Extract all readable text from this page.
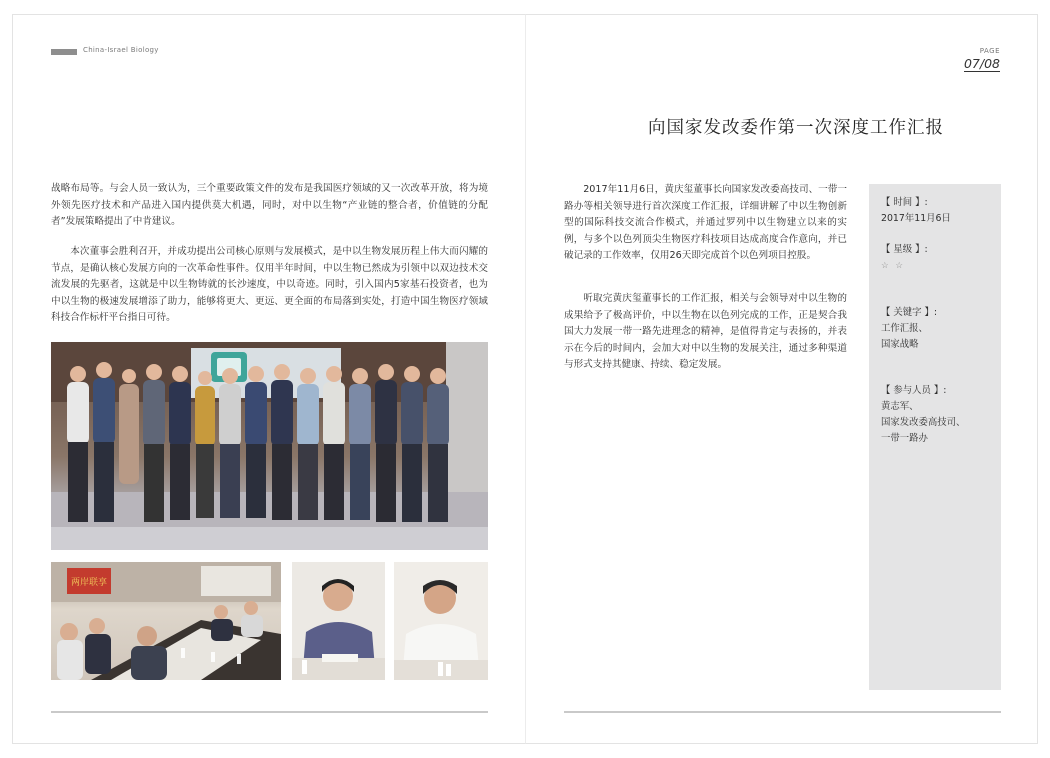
China-Israel Biology

战略布局等。与会人员一致认为，三个重要政策文件的发布是我国医疗领域的又一次改革开放，将为境外领先医疗技术和产品进入国内提供莫大机遇，同时，对中以生物“产业链的整合者，价值链的分配者”发展策略提出了中肯建议。

本次董事会胜利召开，并成功提出公司核心原则与发展模式，是中以生物发展历程上伟大而闪耀的节点，是确认核心发展方向的一次革命性事件。仅用半年时间，中以生物已然成为引领中以双边技术交流发展的先驱者，这就是中以生物铸就的长沙速度，中以奇迹。同时，引入国内5家基石投资者，也为中以生物的极速发展增添了助力，能够将更大、更远、更全面的布局落到实处，打造中国生物医疗领域科技合作标杆平台指日可待。

两岸联享
PAGE
07/08
向国家发改委作第一次深度工作汇报

2017年11月6日，黄庆玺董事长向国家发改委高技司、一带一路办等相关领导进行首次深度工作汇报，详细讲解了中以生物创新型的国际科技交流合作模式，并通过罗列中以生物建立以来的实例，与多个以色列顶尖生物医疗科技项目达成高度合作意向，并已破记录的工作效率，仅用26天即完成首个以色列项目控股。

听取完黄庆玺董事长的工作汇报，相关与会领导对中以生物的成果给予了极高评价，中以生物在以色列完成的工作，正是契合我国大力发展一带一路先进理念的精神，是值得肯定与表扬的，并表示在今后的时间内，会加大对中以生物的发展关注，通过多种渠道与形式支持其健康、持续、稳定发展。

【 时间 】:

2017年11月6日

【 星级 】:

☆ ☆

【 关键字 】:

工作汇报、

国家战略

【 参与人员 】:

黄志军、

国家发改委高技司、

一带一路办
